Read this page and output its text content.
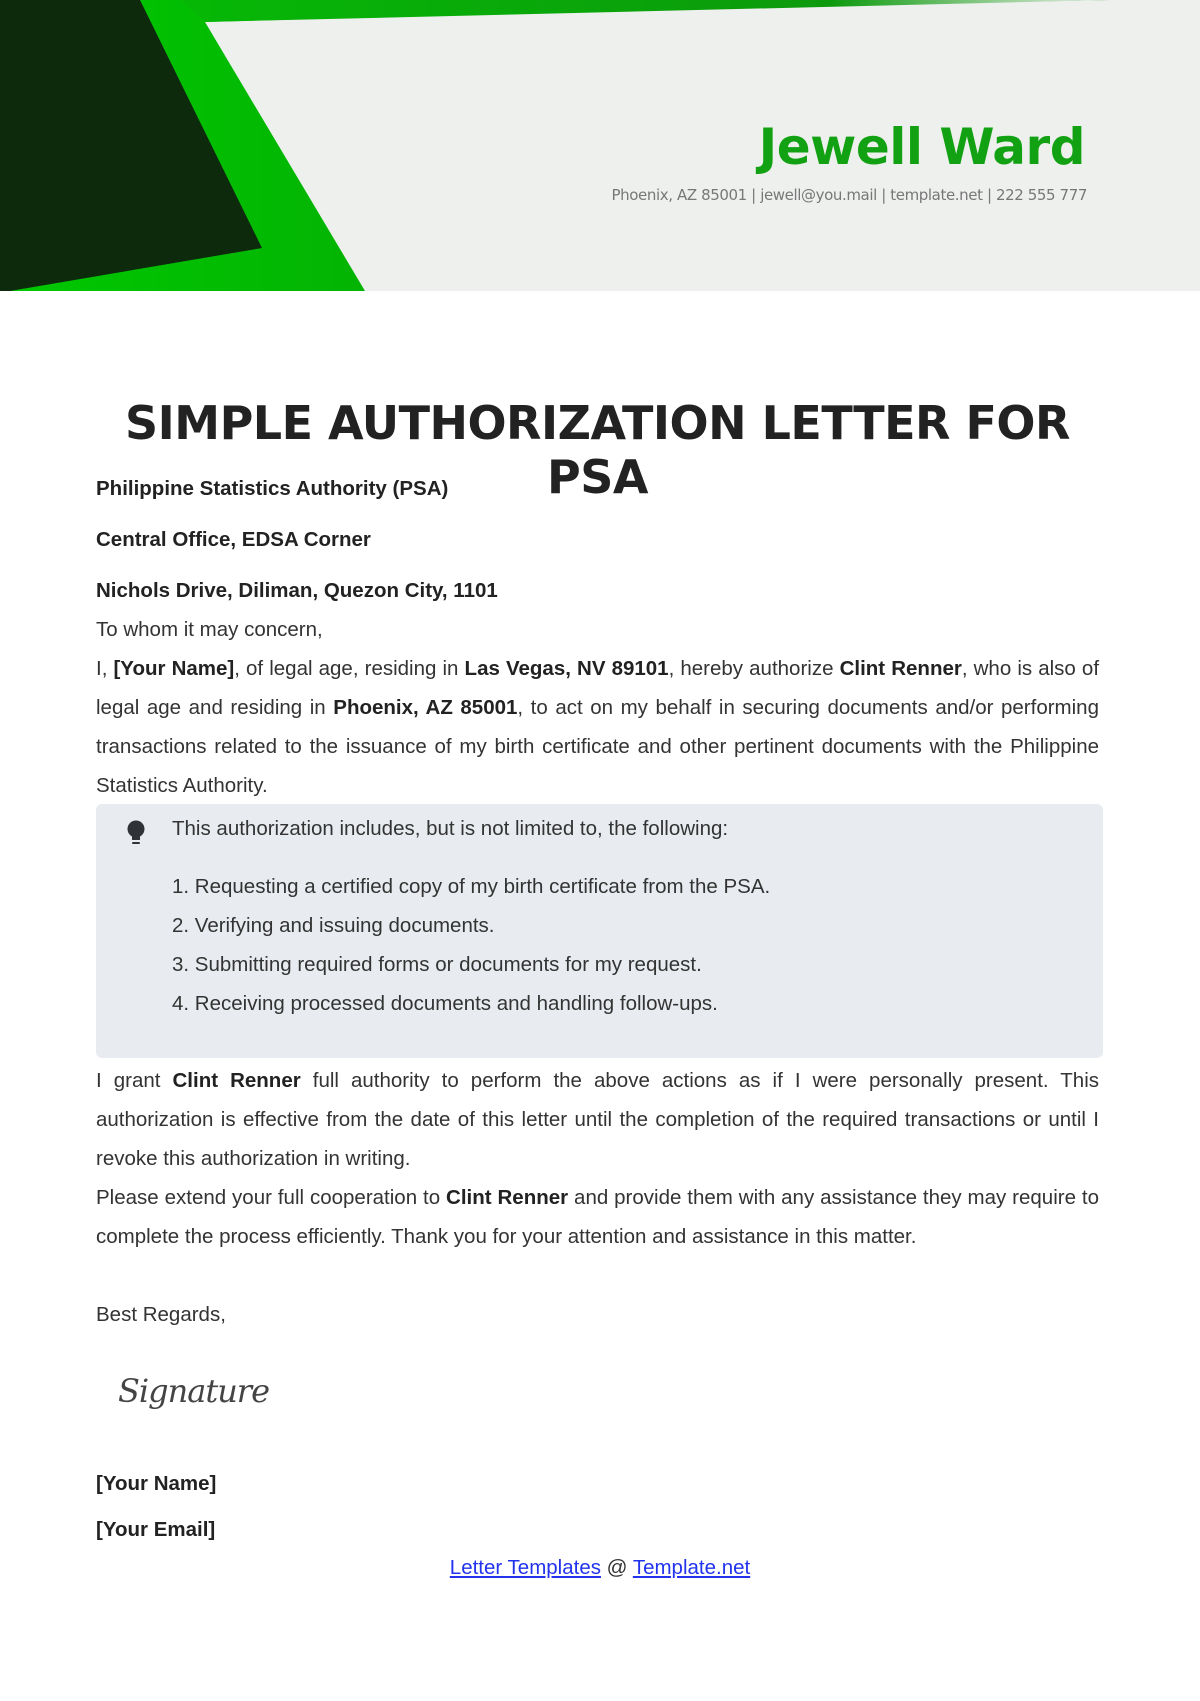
Jewell Ward
Phoenix, AZ 85001 | jewell@you.mail | template.net | 222 555 777
SIMPLE AUTHORIZATION LETTER FOR PSA
Philippine Statistics Authority (PSA)
Central Office, EDSA Corner
Nichols Drive, Diliman, Quezon City, 1101
To whom it may concern,
I, [Your Name], of legal age, residing in Las Vegas, NV 89101, hereby authorize Clint Renner, who is also of legal age and residing in Phoenix, AZ 85001, to act on my behalf in securing documents and/or performing transactions related to the issuance of my birth certificate and other pertinent documents with the Philippine Statistics Authority.
This authorization includes, but is not limited to, the following:
1. Requesting a certified copy of my birth certificate from the PSA.
2. Verifying and issuing documents.
3. Submitting required forms or documents for my request.
4. Receiving processed documents and handling follow-ups.
I grant Clint Renner full authority to perform the above actions as if I were personally present. This authorization is effective from the date of this letter until the completion of the required transactions or until I revoke this authorization in writing.
Please extend your full cooperation to Clint Renner and provide them with any assistance they may require to complete the process efficiently. Thank you for your attention and assistance in this matter.
Best Regards,
Signature
[Your Name]
[Your Email]
Letter Templates @ Template.net
